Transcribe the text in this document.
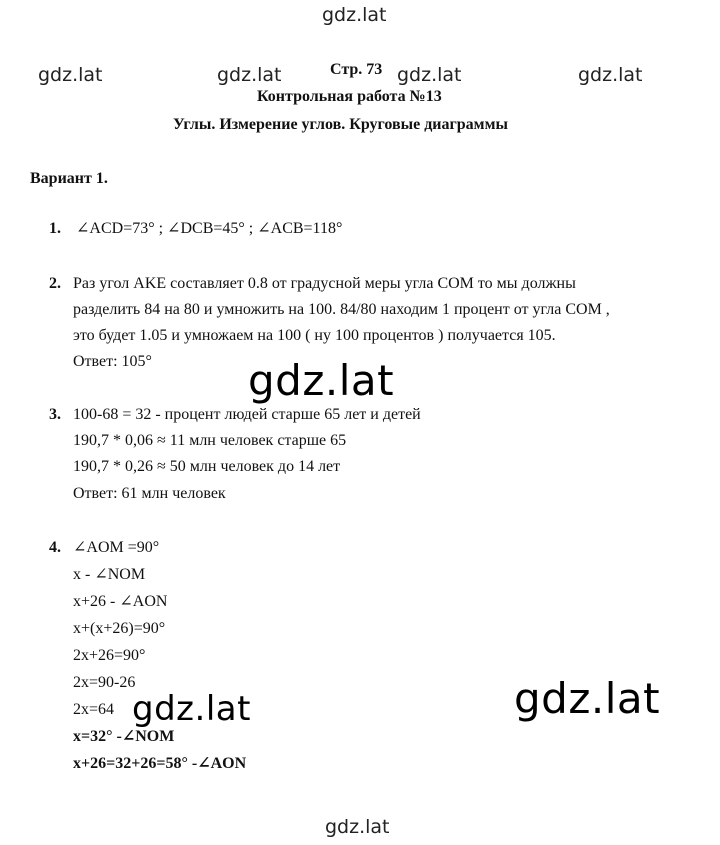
gdz.lat
gdz.lat	gdz.lat	gdz.lat	gdz.lat
Стр. 73
Контрольная работа №13
Углы. Измерение углов. Круговые диаграммы
Вариант 1.
1. ∠ACD=73° ; ∠DCB=45° ; ∠ACB=118°
2. Раз угол AKE составляет 0.8 от градусной меры угла COM то мы должны
разделить 84 на 80 и умножить на 100. 84/80 находим 1 процент от угла COM ,
это будет 1.05 и умножаем на 100 ( ну 100 процентов ) получается 105.
Ответ: 105° gdz.lat
3. 100-68 = 32 - процент людей старше 65 лет и детей
190,7 * 0,06 ≈ 11 млн человек старше 65
190,7 * 0,26 ≈ 50 млн человек до 14 лет
Ответ: 61 млн человек
4. ∠AOM =90°
x - ∠NOM
x+26 - ∠AON
x+(x+26)=90°
2x+26=90°
2x=90-26
2x=64
x=32° -∠NOM
x+26=32+26=58° -∠AON
gdz.lat	gdz.lat
gdz.lat
